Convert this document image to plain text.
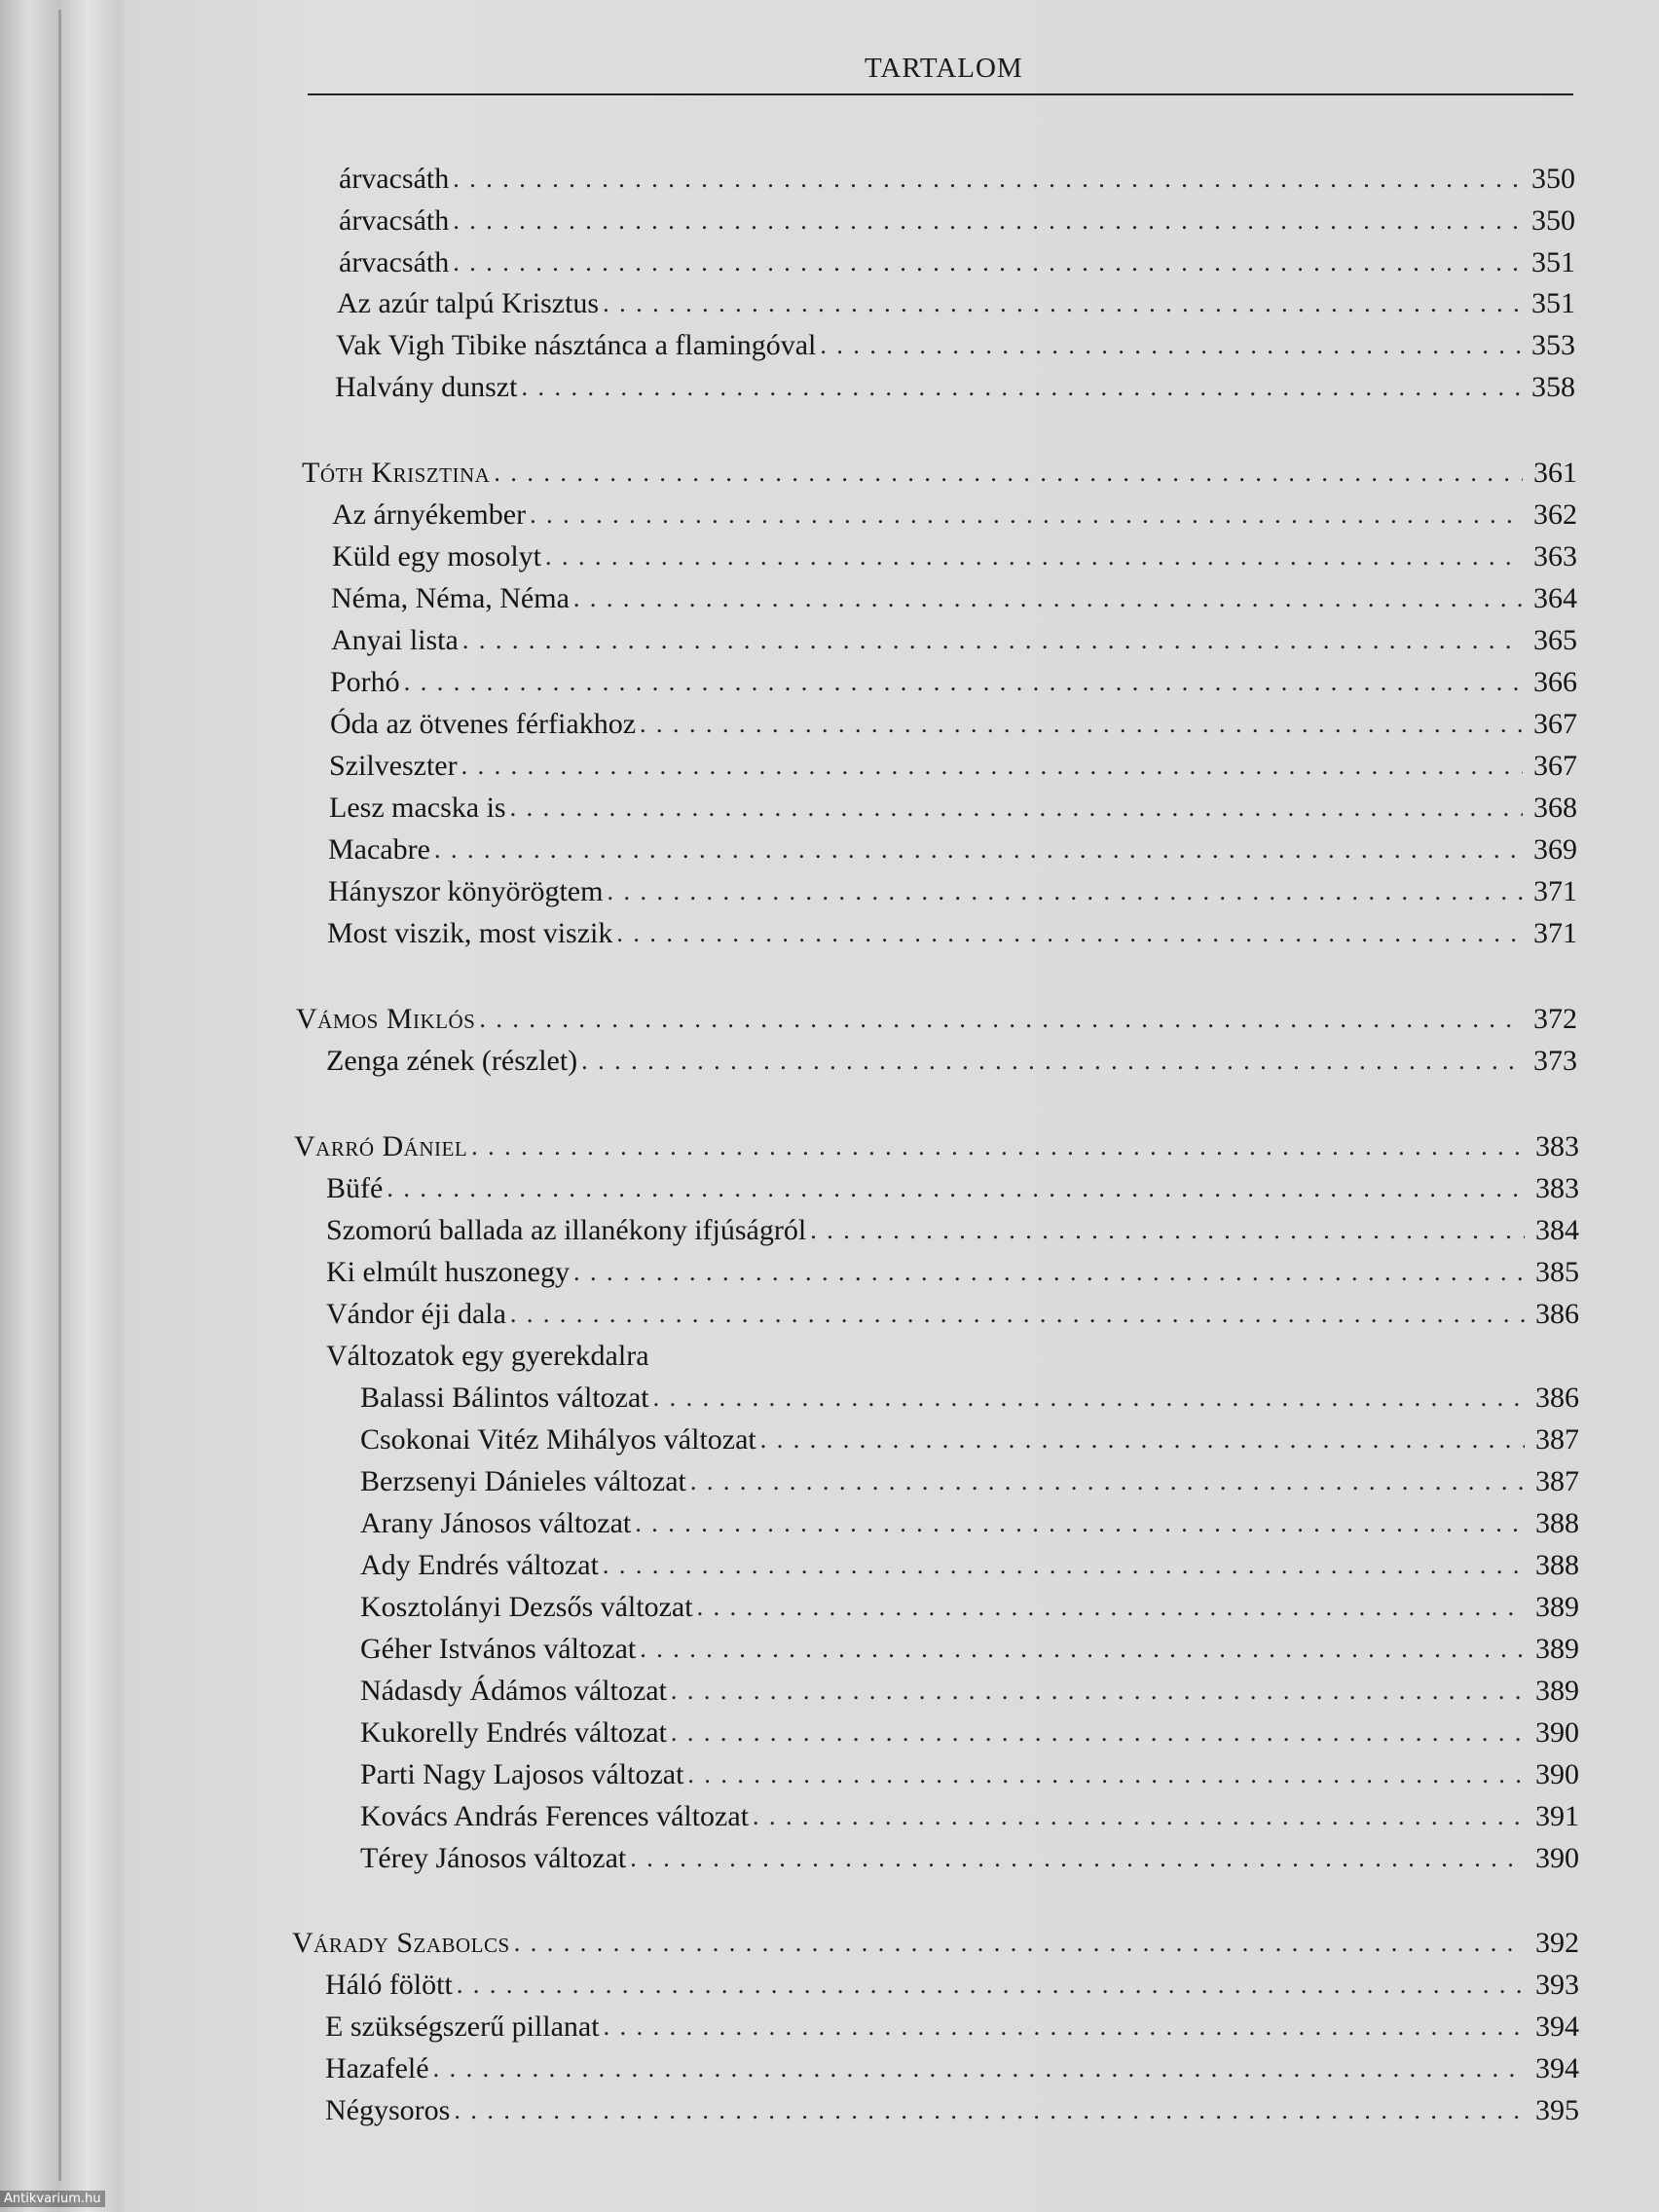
TARTALOM
árvacsáth . . .	350
árvacsáth . . .	350
árvacsáth . . .	351
Az azúr talpú Krisztus . . .	351
Vak Vigh Tibike násztánca a flamingóval . . .	353
Halvány dunszt . . .	358
Tóth Krisztina . . .	361
Az árnyékember . . .	362
Küld egy mosolyt . . .	363
Néma, Néma, Néma . . .	364
Anyai lista . . .	365
Porhó . . .	366
Óda az ötvenes férfiakhoz . . .	367
Szilveszter . . .	367
Lesz macska is . . .	368
Macabre . . .	369
Hányszor könyörögtem . . .	371
Most viszik, most viszik . . .	371
Vámos Miklós . . .	372
Zenga zének (részlet) . . .	373
Varró Dániel . . .	383
Büfé . . .	383
Szomorú ballada az illanékony ifjúságról . . .	384
Ki elmúlt huszonegy . . .	385
Vándor éji dala . . .	386
Változatok egy gyerekdalra
Balassi Bálintos változat . . .	386
Csokonai Vitéz Mihályos változat . . .	387
Berzsenyi Dánieles változat . . .	387
Arany Jánosos változat . . .	388
Ady Endrés változat . . .	388
Kosztolányi Dezsős változat . . .	389
Géher Istvános változat . . .	389
Nádasdy Ádámos változat . . .	389
Kukorelly Endrés változat . . .	390
Parti Nagy Lajosos változat . . .	390
Kovács András Ferences változat . . .	391
Térey Jánosos változat . . .	390
Várady Szabolcs . . .	392
Háló fölött . . .	393
E szükségszerű pillanat . . .	394
Hazafelé . . .	394
Négysoros . . .	395
Antikvarium.hu
